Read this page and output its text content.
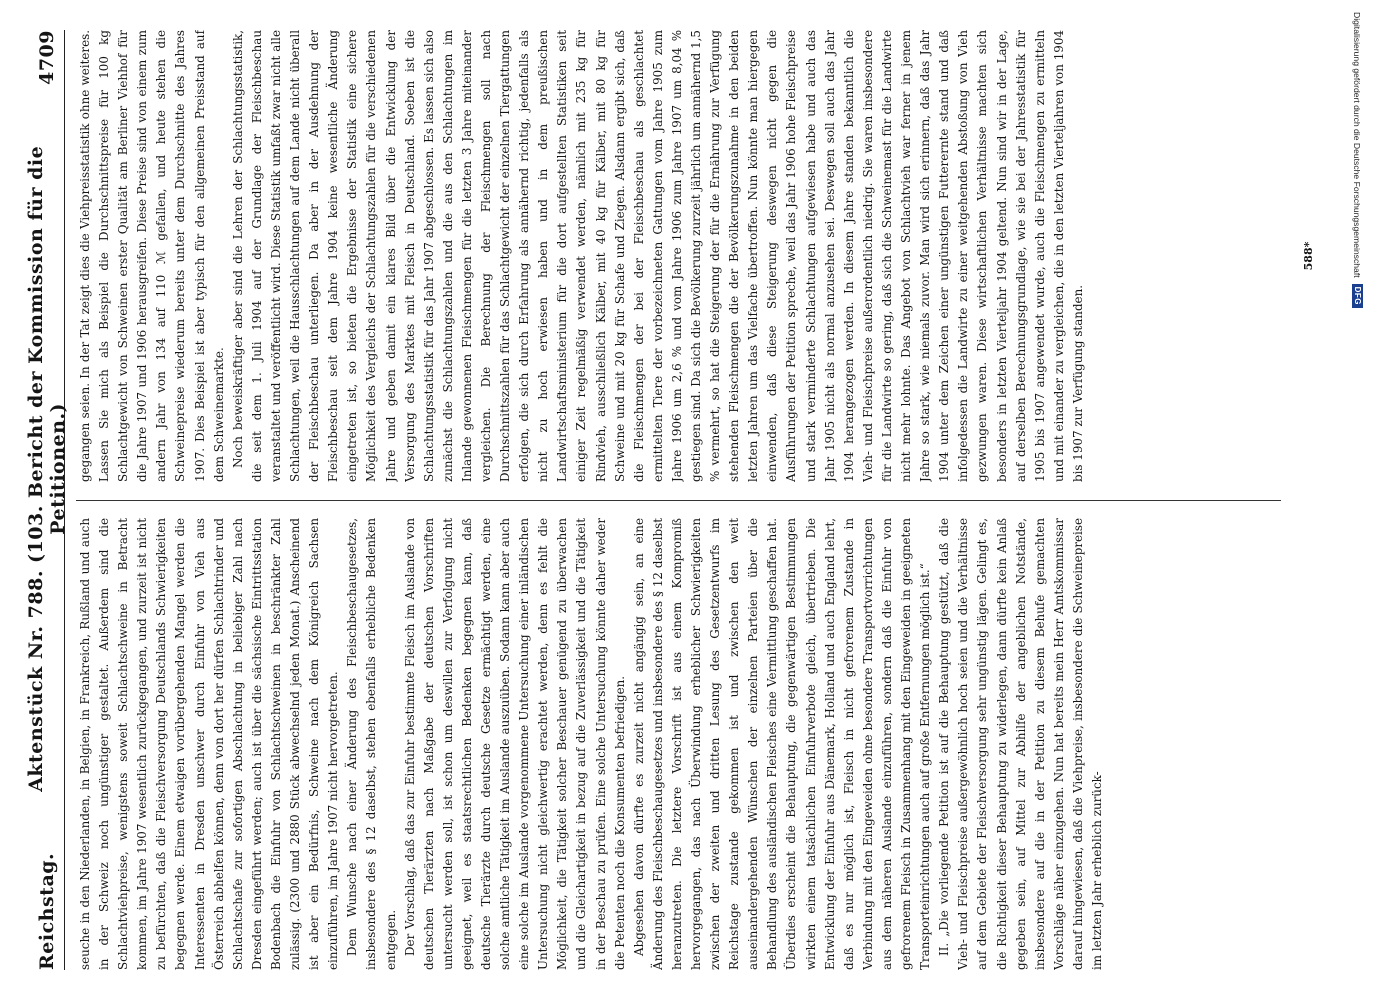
Reichstag.
Aktenstück Nr. 788. (103. Bericht der Kommission für die Petitionen.)
4709

seuche in den Niederlanden, in Belgien, in Frankreich, Rußland und auch in der Schweiz noch ungünstiger gestaltet. Außerdem sind die Schlachtviehpreise, wenigstens soweit Schlachtschweine in Betracht kommen, im Jahre 1907 wesentlich zurückgegangen, und zurzeit ist nicht zu befürchten, daß die Fleischversorgung Deutschlands Schwierigkeiten begegnen werde. Einem etwaigen vorübergehenden Mangel werden die Interessenten in Dresden unschwer durch Einfuhr von Vieh aus Österreich abhelfen können, denn von dort her dürfen Schlachtrinder und Schlachtschafe zur sofortigen Abschlachtung in beliebiger Zahl nach Dresden eingeführt werden; auch ist über die sächsische Eintrittsstation Bodenbach die Einfuhr von Schlachtschweinen in beschränkter Zahl zulässig. (2300 und 2880 Stück abwechselnd jeden Monat.) Anscheinend ist aber ein Bedürfnis, Schweine nach dem Königreich Sachsen einzuführen, im Jahre 1907 nicht hervorgetreten. Dem Wunsche nach einer Änderung des Fleischbeschaugesetzes, insbesondere des § 12 daselbst, stehen ebenfalls erhebliche Bedenken entgegen. Der Vorschlag, daß das zur Einfuhr bestimmte Fleisch im Auslande von deutschen Tierärzten nach Maßgabe der deutschen Vorschriften untersucht werden soll, ist schon um deswillen zur Verfolgung nicht geeignet, weil es staatsrechtlichen Bedenken begegnen kann, daß deutsche Tierärzte durch deutsche Gesetze ermächtigt werden, eine solche amtliche Tätigkeit im Auslande auszuüben. Sodann kann aber auch eine solche im Auslande vorgenommene Untersuchung einer inländischen Untersuchung nicht gleichwertig erachtet werden, denn es fehlt die Möglichkeit, die Tätigkeit solcher Beschauer genügend zu überwachen und die Gleichartigkeit in bezug auf die Zuverlässigkeit und die Tätigkeit in der Beschau zu prüfen. Eine solche Untersuchung könnte daher weder die Petenten noch die Konsumenten befriedigen. Abgesehen davon dürfte es zurzeit nicht angängig sein, an eine Änderung des Fleischbeschaugesetzes und insbesondere des § 12 daselbst heranzutreten. Die letztere Vorschrift ist aus einem Kompromiß hervorgegangen, das nach Überwindung erheblicher Schwierigkeiten zwischen der zweiten und dritten Lesung des Gesetzentwurfs im Reichstage zustande gekommen ist und zwischen den weit auseinandergehenden Wünschen der einzelnen Parteien über die Behandlung des ausländischen Fleisches eine Vermittlung geschaffen hat. Überdies erscheint die Behauptung, die gegenwärtigen Bestimmungen wirkten einem tatsächlichen Einfuhrverbote gleich, übertrieben. Die Entwicklung der Einfuhr aus Dänemark, Holland und auch England lehrt, daß es nur möglich ist, Fleisch in nicht gefrorenem Zustande in Verbindung mit den Eingeweiden ohne besondere Transportvorrichtungen aus dem näheren Auslande einzuführen, sondern daß die Einfuhr von gefrorenem Fleisch in Zusammenhang mit den Eingeweiden in geeigneten Transporteinrichtungen auch auf große Entfernungen möglich ist.“ II. „Die vorliegende Petition ist auf die Behauptung gestützt, daß die Vieh- und Fleischpreise außergewöhnlich hoch seien und die Verhältnisse auf dem Gebiete der Fleischversorgung sehr ungünstig lägen. Gelingt es, die Richtigkeit dieser Behauptung zu widerlegen, dann dürfte kein Anlaß gegeben sein, auf Mittel zur Abhilfe der angeblichen Notstände, insbesondere auf die in der Petition zu diesem Behufe gemachten Vorschläge näher einzugehen. Nun hat bereits mein Herr Amtskommissar darauf hingewiesen, daß die Viehpreise, insbesondere die Schweinepreise im letzten Jahr erheblich zurück-

gegangen seien. In der Tat zeigt dies die Viehpreisstatistik ohne weiteres. Lassen Sie mich als Beispiel die Durchschnittspreise für 100 kg Schlachtgewicht von Schweinen erster Qualität am Berliner Viehhof für die Jahre 1907 und 1906 herausgreifen. Diese Preise sind von einem zum andern Jahr von 134 auf 110 ℳ gefallen, und heute stehen die Schweinepreise wiederum bereits unter dem Durchschnitte des Jahres 1907. Dies Beispiel ist aber typisch für den allgemeinen Preisstand auf dem Schweinemarkte. Noch beweiskräftiger aber sind die Lehren der Schlachtungsstatistik, die seit dem 1. Juli 1904 auf der Grundlage der Fleischbeschau veranstaltet und veröffentlicht wird. Diese Statistik umfaßt zwar nicht alle Schlachtungen, weil die Hausschlachtungen auf dem Lande nicht überall der Fleischbeschau unterliegen. Da aber in der Ausdehnung der Fleischbeschau seit dem Jahre 1904 keine wesentliche Änderung eingetreten ist, so bieten die Ergebnisse der Statistik eine sichere Möglichkeit des Vergleichs der Schlachtungszahlen für die verschiedenen Jahre und geben damit ein klares Bild über die Entwicklung der Versorgung des Marktes mit Fleisch in Deutschland. Soeben ist die Schlachtungsstatistik für das Jahr 1907 abgeschlossen. Es lassen sich also zunächst die Schlachtungszahlen und die aus den Schlachtungen im Inlande gewonnenen Fleischmengen für die letzten 3 Jahre miteinander vergleichen. Die Berechnung der Fleischmengen soll nach Durchschnittszahlen für das Schlachtgewicht der einzelnen Tiergattungen erfolgen, die sich durch Erfahrung als annähernd richtig, jedenfalls als nicht zu hoch erwiesen haben und in dem preußischen Landwirtschaftsministerium für die dort aufgestellten Statistiken seit einiger Zeit regelmäßig verwendet werden, nämlich mit 235 kg für Rindvieh, ausschließlich Kälber, mit 40 kg für Kälber, mit 80 kg für Schweine und mit 20 kg für Schafe und Ziegen. Alsdann ergibt sich, daß die Fleischmengen der bei der Fleischbeschau als geschlachtet ermittelten Tiere der vorbezeichneten Gattungen vom Jahre 1905 zum Jahre 1906 um 2,6 % und vom Jahre 1906 zum Jahre 1907 um 8,04 % gestiegen sind. Da sich die Bevölkerung zurzeit jährlich um annähernd 1,5 % vermehrt, so hat die Steigerung der für die Ernährung zur Verfügung stehenden Fleischmengen die der Bevölkerungszunahme in den beiden letzten Jahren um das Vielfache übertroffen. Nun könnte man hiergegen einwenden, daß diese Steigerung deswegen nicht gegen die Ausführungen der Petition spreche, weil das Jahr 1906 hohe Fleischpreise und stark verminderte Schlachtungen aufgewiesen habe und auch das Jahr 1905 nicht als normal anzusehen sei. Deswegen soll auch das Jahr 1904 herangezogen werden. In diesem Jahre standen bekanntlich die Vieh- und Fleischpreise außerordentlich niedrig. Sie waren insbesondere für die Landwirte so gering, daß sich die Schweinemast für die Landwirte nicht mehr lohnte. Das Angebot von Schlachtvieh war ferner in jenem Jahre so stark, wie niemals zuvor. Man wird sich erinnern, daß das Jahr 1904 unter dem Zeichen einer ungünstigen Futterernte stand und daß infolgedessen die Landwirte zu einer weitgehenden Abstoßung von Vieh gezwungen waren. Diese wirtschaftlichen Verhältnisse machten sich besonders in letzten Vierteljahr 1904 geltend. Nun sind wir in der Lage, auf derselben Berechnungsgrundlage, wie sie bei der Jahresstatistik für 1905 bis 1907 angewendet wurde, auch die Fleischmengen zu ermitteln und mit einander zu vergleichen, die in den letzten Vierteljahren von 1904 bis 1907 zur Verfügung standen.

588*	Digitalisierung gefördert durch die Deutsche Forschungsgemeinschaft
DFG
